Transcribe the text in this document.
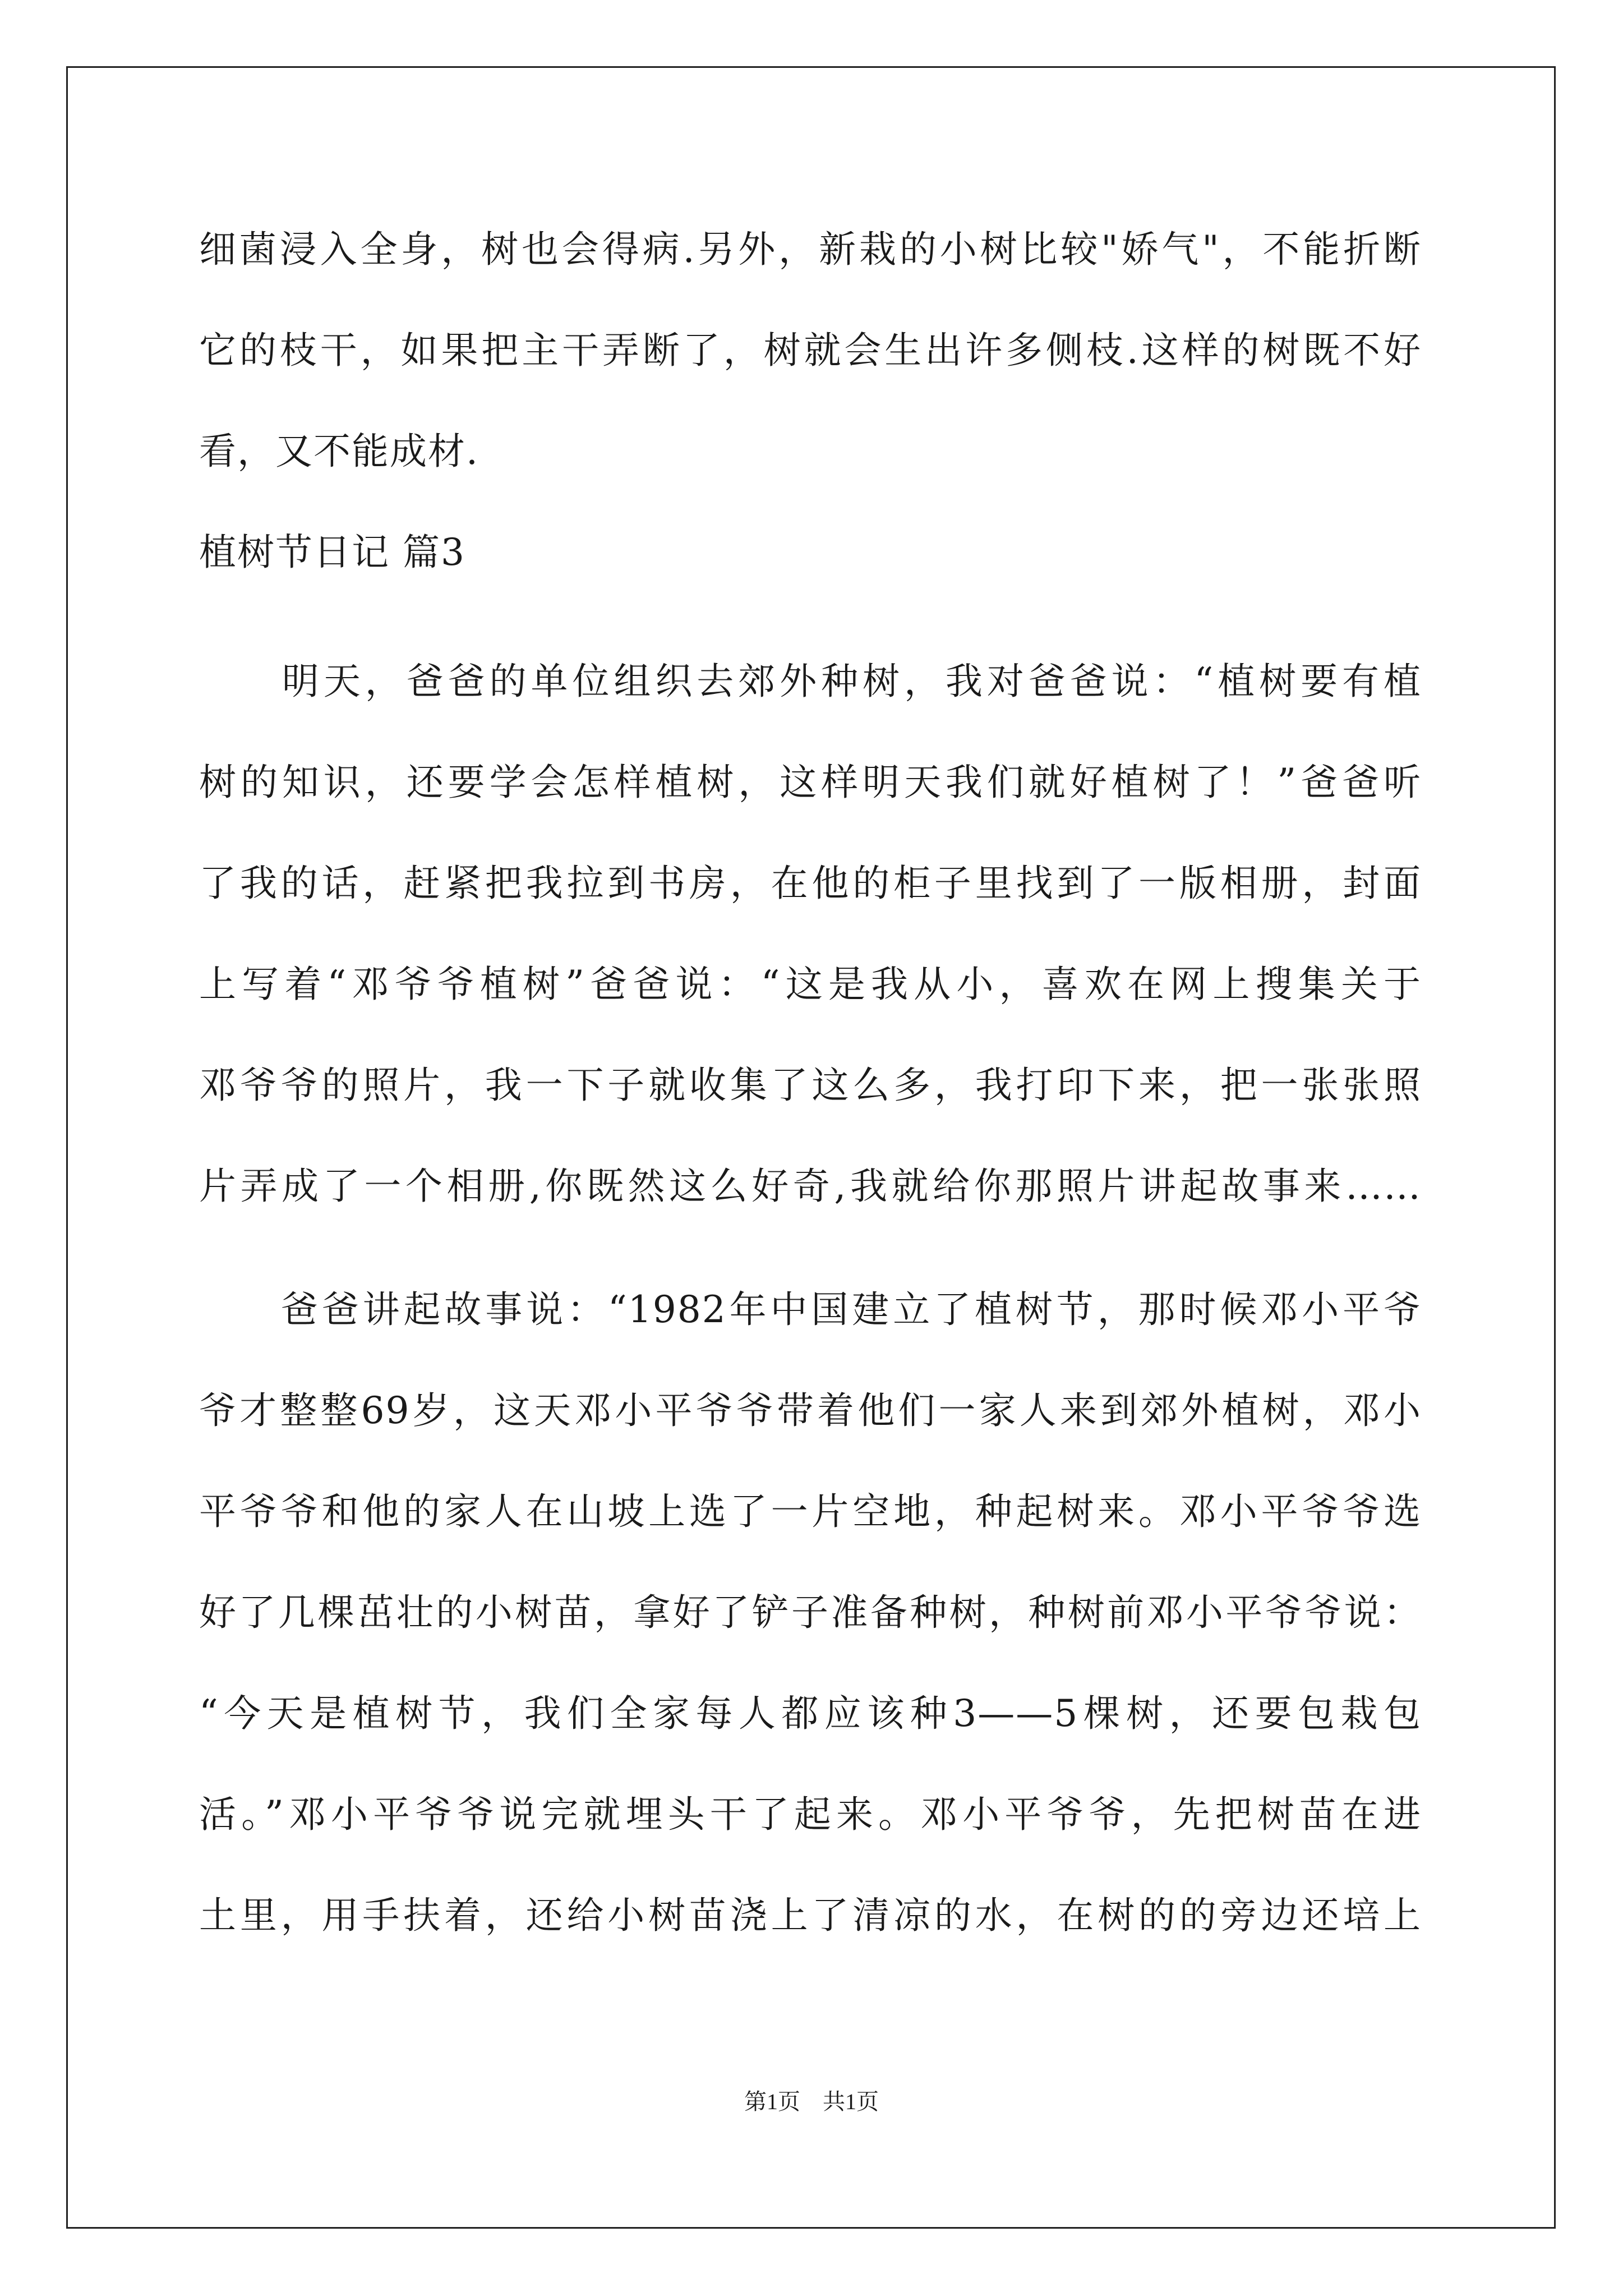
细菌浸入全身，树也会得病.另外，新栽的小树比较"娇气"，不能折断
它的枝干，如果把主干弄断了，树就会生出许多侧枝.这样的树既不好
看，又不能成材.
植树节日记 篇3
　　明天，爸爸的单位组织去郊外种树，我对爸爸说：“植树要有植
树的知识，还要学会怎样植树，这样明天我们就好植树了！”爸爸听
了我的话，赶紧把我拉到书房，在他的柜子里找到了一版相册，封面
上写着“邓爷爷植树”爸爸说：“这是我从小，喜欢在网上搜集关于
邓爷爷的照片，我一下子就收集了这么多，我打印下来，把一张张照
片弄成了一个相册,你既然这么好奇,我就给你那照片讲起故事来……
　　爸爸讲起故事说：“1982年中国建立了植树节，那时候邓小平爷
爷才整整69岁，这天邓小平爷爷带着他们一家人来到郊外植树，邓小
平爷爷和他的家人在山坡上选了一片空地，种起树来。邓小平爷爷选
好了几棵茁壮的小树苗，拿好了铲子准备种树，种树前邓小平爷爷说：
“今天是植树节，我们全家每人都应该种3——5棵树，还要包栽包
活。”邓小平爷爷说完就埋头干了起来。邓小平爷爷，先把树苗在进
土里，用手扶着，还给小树苗浇上了清凉的水，在树的的旁边还培上
第1页 共1页
